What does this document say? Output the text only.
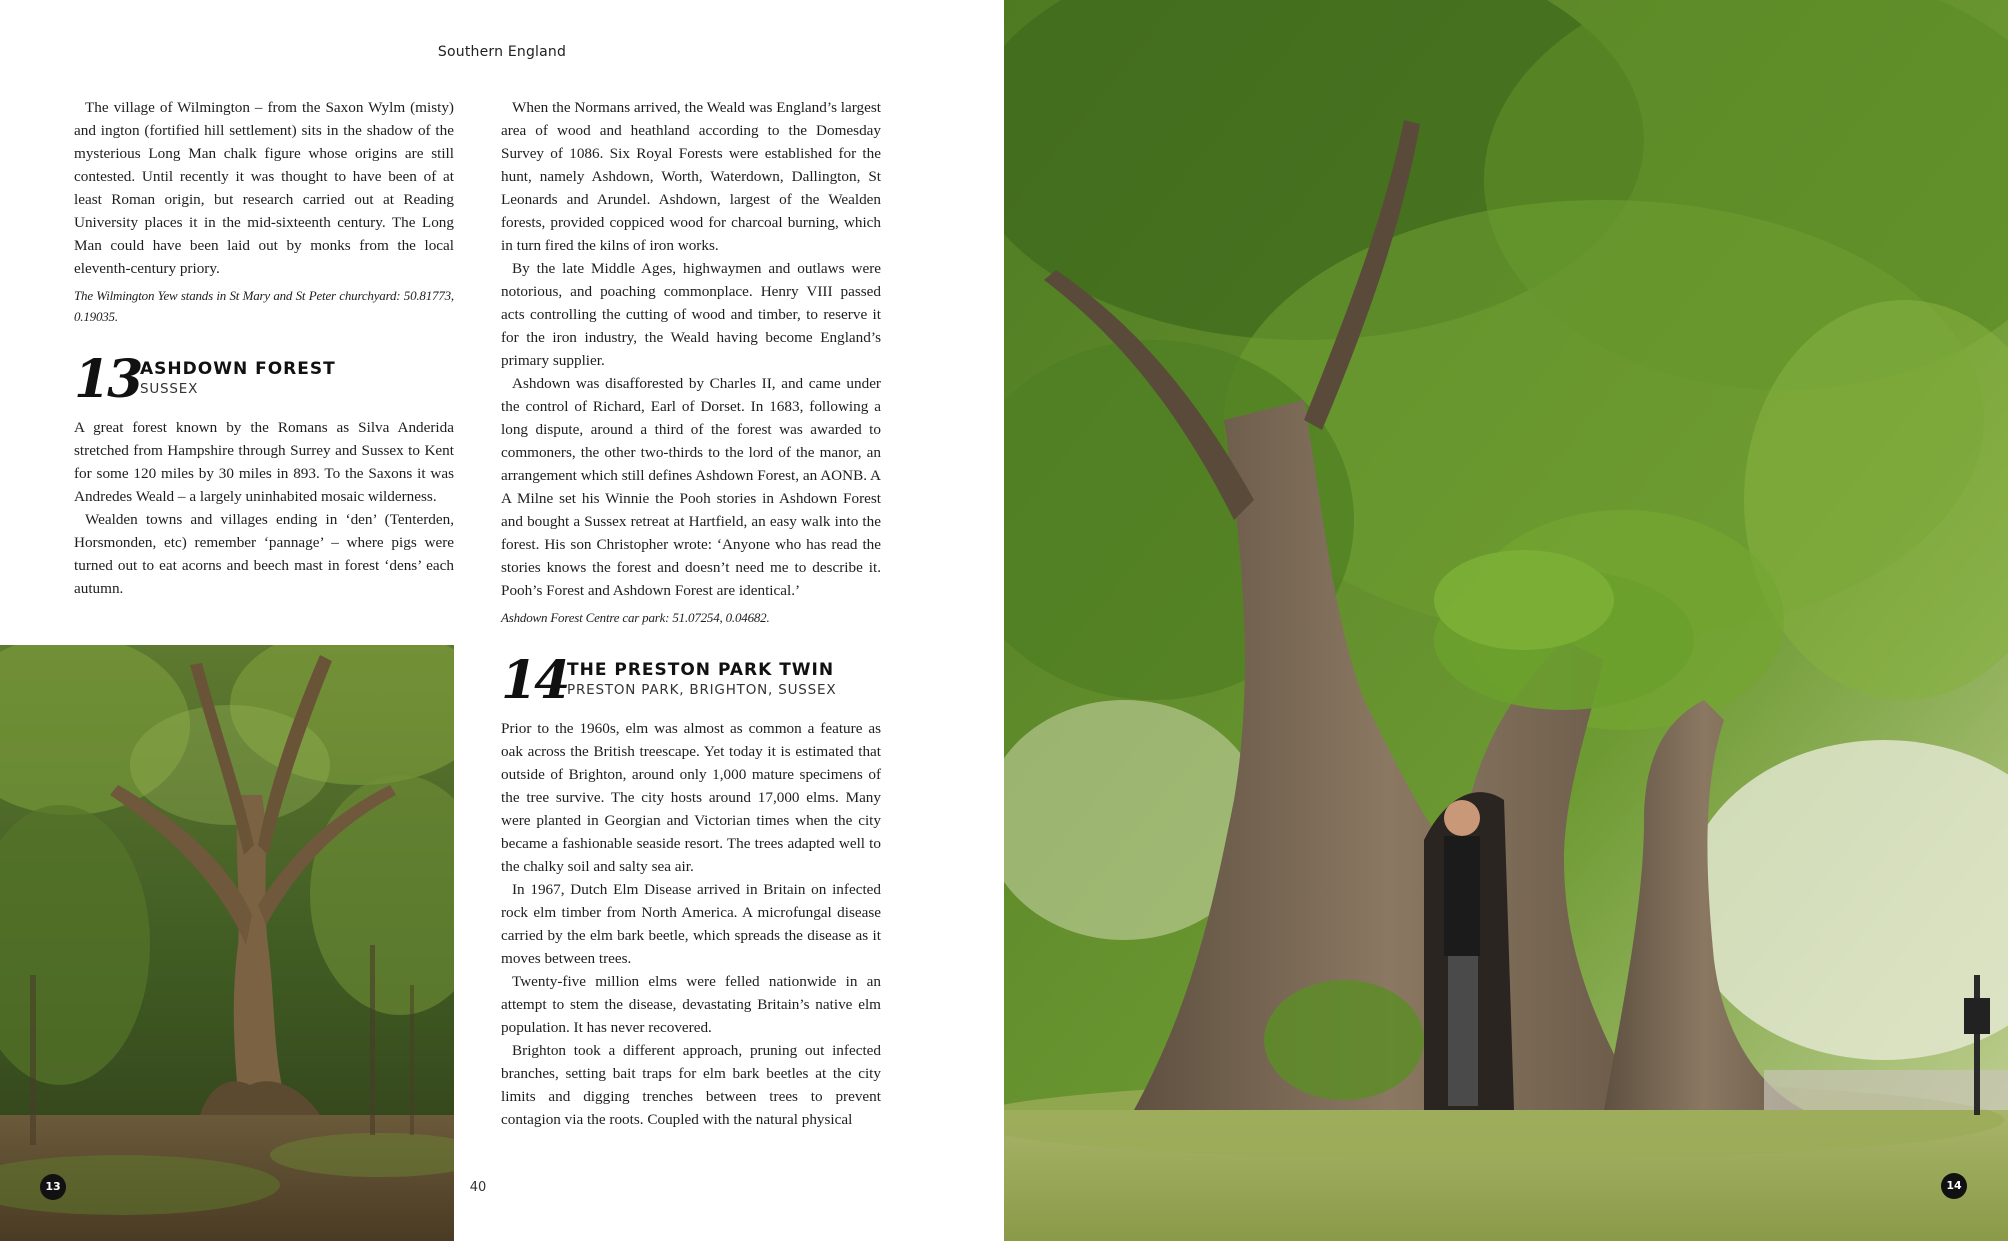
Southern England

The village of Wilmington – from the Saxon Wylm (misty) and ington (fortified hill settlement) sits in the shadow of the mysterious Long Man chalk figure whose origins are still contested. Until recently it was thought to have been of at least Roman origin, but research carried out at Reading University places it in the mid-sixteenth century. The Long Man could have been laid out by monks from the local eleventh-century priory.

The Wilmington Yew stands in St Mary and St Peter churchyard: 50.81773, 0.19035.

13 ASHDOWN FOREST
SUSSEX

A great forest known by the Romans as Silva Anderida stretched from Hampshire through Surrey and Sussex to Kent for some 120 miles by 30 miles in 893. To the Saxons it was Andredes Weald – a largely uninhabited mosaic wilderness.

Wealden towns and villages ending in ‘den’ (Tenterden, Horsmonden, etc) remember ‘pannage’ – where pigs were turned out to eat acorns and beech mast in forest ‘dens’ each autumn.

When the Normans arrived, the Weald was England’s largest area of wood and heathland according to the Domesday Survey of 1086. Six Royal Forests were established for the hunt, namely Ashdown, Worth, Waterdown, Dallington, St Leonards and Arundel. Ashdown, largest of the Wealden forests, provided coppiced wood for charcoal burning, which in turn fired the kilns of iron works.

By the late Middle Ages, highwaymen and outlaws were notorious, and poaching commonplace. Henry VIII passed acts controlling the cutting of wood and timber, to reserve it for the iron industry, the Weald having become England’s primary supplier.

Ashdown was disafforested by Charles II, and came under the control of Richard, Earl of Dorset. In 1683, following a long dispute, around a third of the forest was awarded to commoners, the other two-thirds to the lord of the manor, an arrangement which still defines Ashdown Forest, an AONB. A A Milne set his Winnie the Pooh stories in Ashdown Forest and bought a Sussex retreat at Hartfield, an easy walk into the forest. His son Christopher wrote: ‘Anyone who has read the stories knows the forest and doesn’t need me to describe it. Pooh’s Forest and Ashdown Forest are identical.’

Ashdown Forest Centre car park: 51.07254, 0.04682.

14 THE PRESTON PARK TWIN
PRESTON PARK, BRIGHTON, SUSSEX

Prior to the 1960s, elm was almost as common a feature as oak across the British treescape. Yet today it is estimated that outside of Brighton, around only 1,000 mature specimens of the tree survive. The city hosts around 17,000 elms. Many were planted in Georgian and Victorian times when the city became a fashionable seaside resort. The trees adapted well to the chalky soil and salty sea air.

In 1967, Dutch Elm Disease arrived in Britain on infected rock elm timber from North America. A microfungal disease carried by the elm bark beetle, which spreads the disease as it moves between trees.

Twenty-five million elms were felled nationwide in an attempt to stem the disease, devastating Britain’s native elm population. It has never recovered.

Brighton took a different approach, pruning out infected branches, setting bait traps for elm bark beetles at the city limits and digging trenches between trees to prevent contagion via the roots. Coupled with the natural physical

40
13	14
